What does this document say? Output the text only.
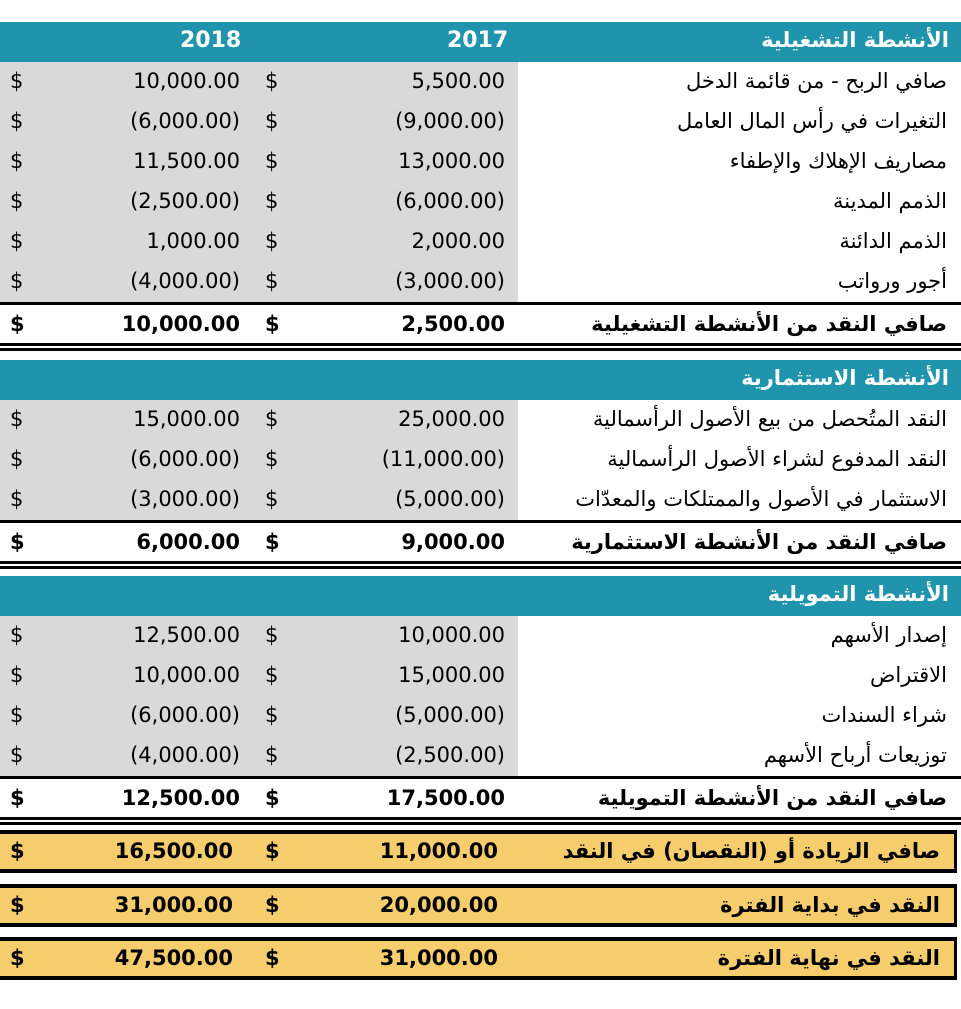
الأنشطة التشغيلية
2018	2017
$	10,000.00 $	5,500.00	صافي الربح - من قائمة الدخل
$	(6,000.00) $	(9,000.00)	التغيرات في رأس المال العامل
$	11,500.00 $	13,000.00	مصاريف الإهلاك والإطفاء
$	(2,500.00) $	(6,000.00)	الذمم المدينة
$	1,000.00 $	2,000.00	الذمم الدائنة
$	(4,000.00) $	(3,000.00)	أجور ورواتب
$	10,000.00 $	2,500.00	صافي النقد من الأنشطة التشغيلية
الأنشطة الاستثمارية
$	15,000.00 $	25,000.00	النقد المتُحصل من بيع الأصول الرأسمالية
$	(6,000.00) $	(11,000.00)	النقد المدفوع لشراء الأصول الرأسمالية
$	(3,000.00) $	(5,000.00)	الاستثمار في الأصول والممتلكات والمعدّات
$	6,000.00 $	9,000.00	صافي النقد من الأنشطة الاستثمارية
الأنشطة التمويلية
$	12,500.00 $	10,000.00	إصدار الأسهم
$	10,000.00 $	15,000.00	الاقتراض
$	(6,000.00) $	(5,000.00)	شراء السندات
$	(4,000.00) $	(2,500.00)	توزيعات أرباح الأسهم
$	12,500.00 $	17,500.00	صافي النقد من الأنشطة التمويلية
$	16,500.00 $	11,000.00	صافي الزيادة أو (النقصان) في النقد
$	31,000.00 $	20,000.00	النقد في بداية الفترة
$	47,500.00 $	31,000.00	النقد في نهاية الفترة
